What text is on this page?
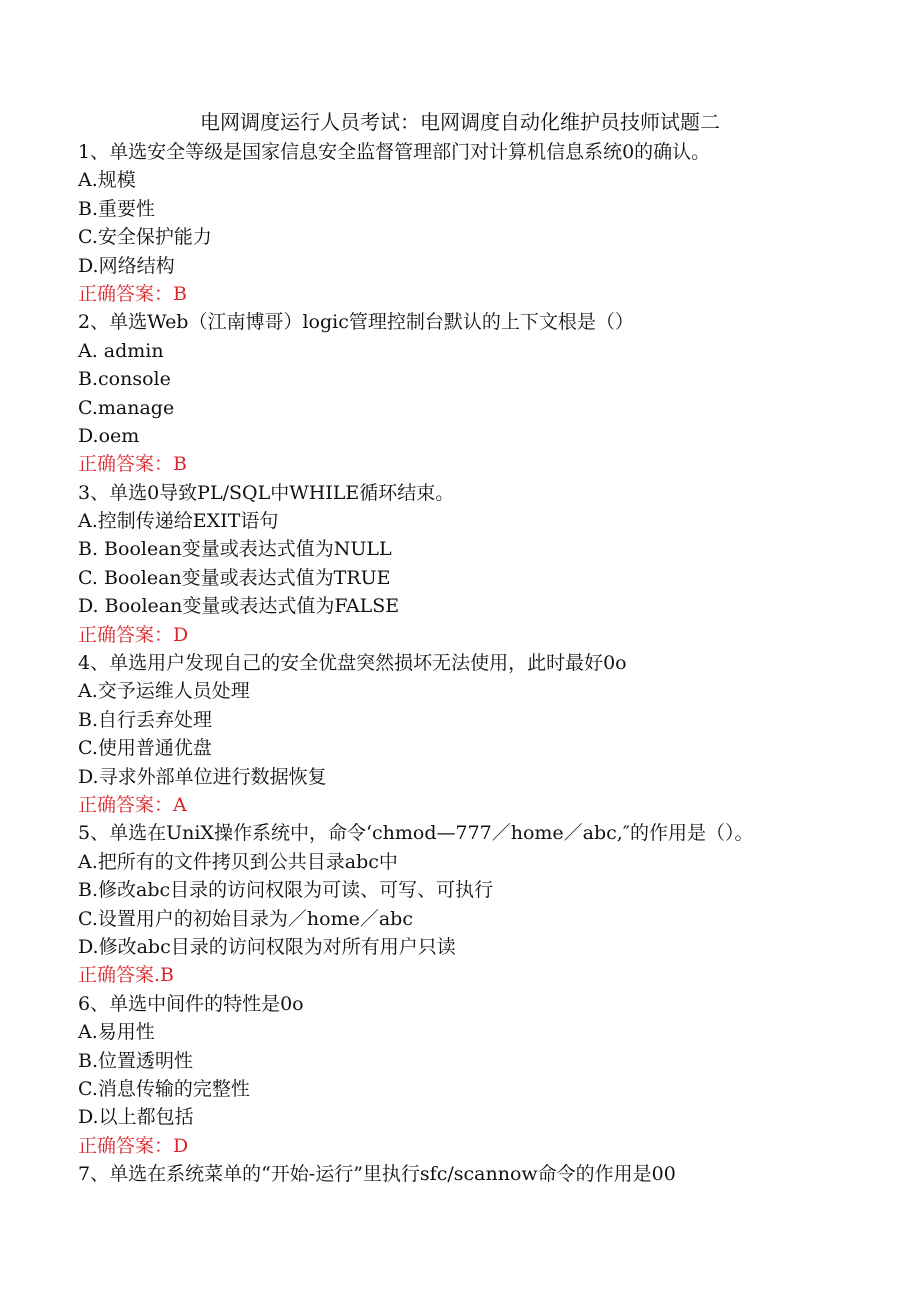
电网调度运行人员考试：电网调度自动化维护员技师试题二
1、单选安全等级是国家信息安全监督管理部门对计算机信息系统0的确认。
A.规模
B.重要性
C.安全保护能力
D.网络结构
正确答案：B
2、单选Web（江南博哥）logic管理控制台默认的上下文根是（）
A. admin
B.console
C.manage
D.oem
正确答案：B
3、单选0导致PL/SQL中WHILE循环结束。
A.控制传递给EXIT语句
B. Boolean变量或表达式值为NULL
C. Boolean变量或表达式值为TRUE
D. Boolean变量或表达式值为FALSE
正确答案：D
4、单选用户发现自己的安全优盘突然损坏无法使用，此时最好0o
A.交予运维人员处理
B.自行丢弃处理
C.使用普通优盘
D.寻求外部单位进行数据恢复
正确答案：A
5、单选在UniX操作系统中，命令‘chmod—777／home／abc,″的作用是（）。
A.把所有的文件拷贝到公共目录abc中
B.修改abc目录的访问权限为可读、可写、可执行
C.设置用户的初始目录为／home／abc
D.修改abc目录的访问权限为对所有用户只读
正确答案.B
6、单选中间件的特性是0o
A.易用性
B.位置透明性
C.消息传输的完整性
D.以上都包括
正确答案：D
7、单选在系统菜单的“开始-运行”里执行sfc/scannow命令的作用是00
